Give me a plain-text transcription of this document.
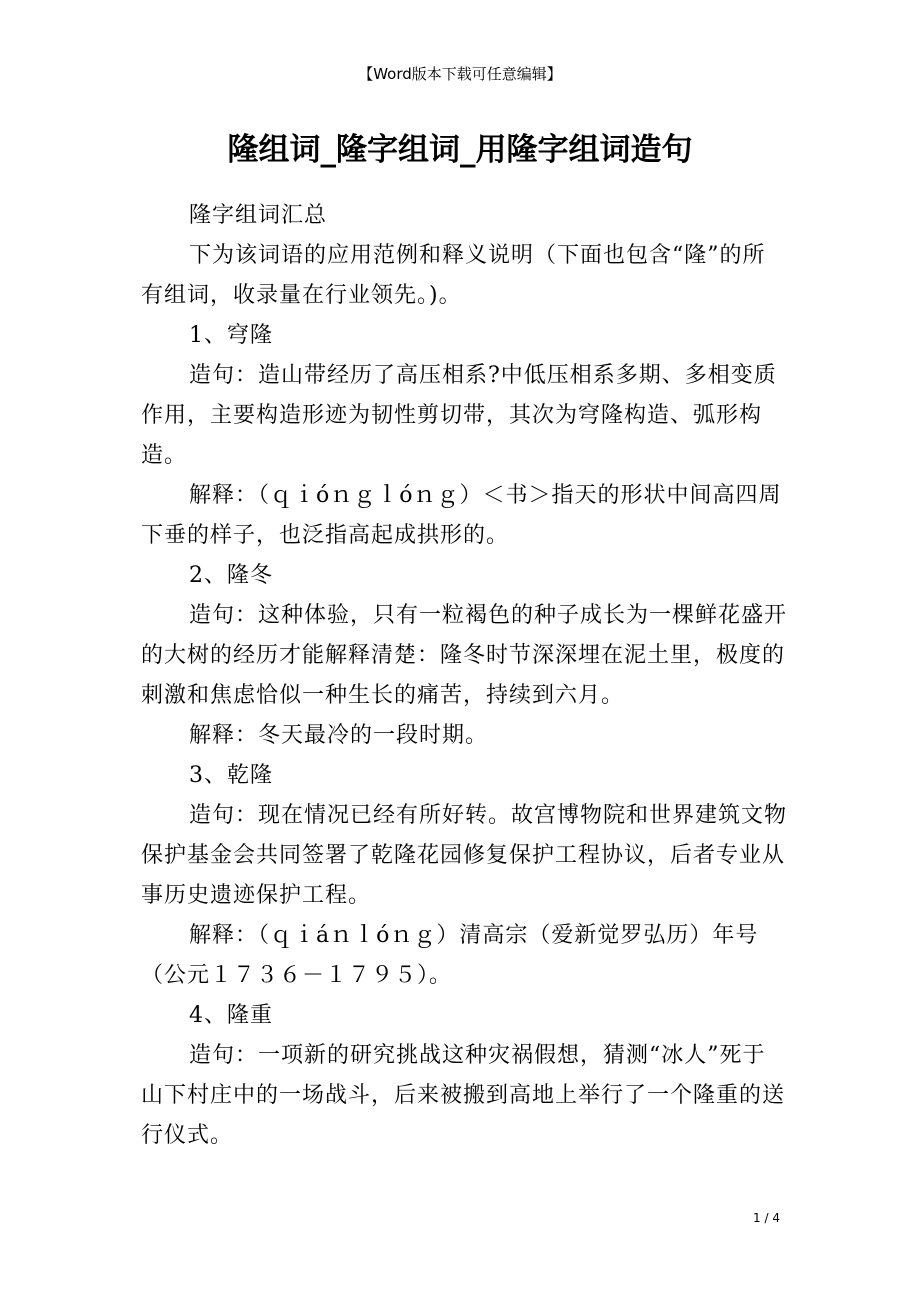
【Word版本下载可任意编辑】
隆组词_隆字组词_用隆字组词造句

隆字组词汇总

下为该词语的应用范例和释义说明（下面也包含“隆”的所有组词，收录量在行业领先。)。

1、穹隆

造句：造山带经历了高压相系?中低压相系多期、多相变质作用，主要构造形迹为韧性剪切带，其次为穹隆构造、弧形构造。

解释：（ｑｉóｎｇｌóｎｇ）＜书＞指天的形状中间高四周下垂的样子，也泛指高起成拱形的。

2、隆冬

造句：这种体验，只有一粒褐色的种子成长为一棵鲜花盛开的大树的经历才能解释清楚：隆冬时节深深埋在泥土里，极度的刺激和焦虑恰似一种生长的痛苦，持续到六月。

解释：冬天最冷的一段时期。

3、乾隆

造句：现在情况已经有所好转。故宫博物院和世界建筑文物保护基金会共同签署了乾隆花园修复保护工程协议，后者专业从事历史遗迹保护工程。

解释：（ｑｉáｎｌóｎｇ）清高宗（爱新觉罗弘历）年号（公元１７３６－１７９５）。

4、隆重

造句：一项新的研究挑战这种灾祸假想，猜测“冰人”死于山下村庄中的一场战斗，后来被搬到高地上举行了一个隆重的送行仪式。

1 / 4
